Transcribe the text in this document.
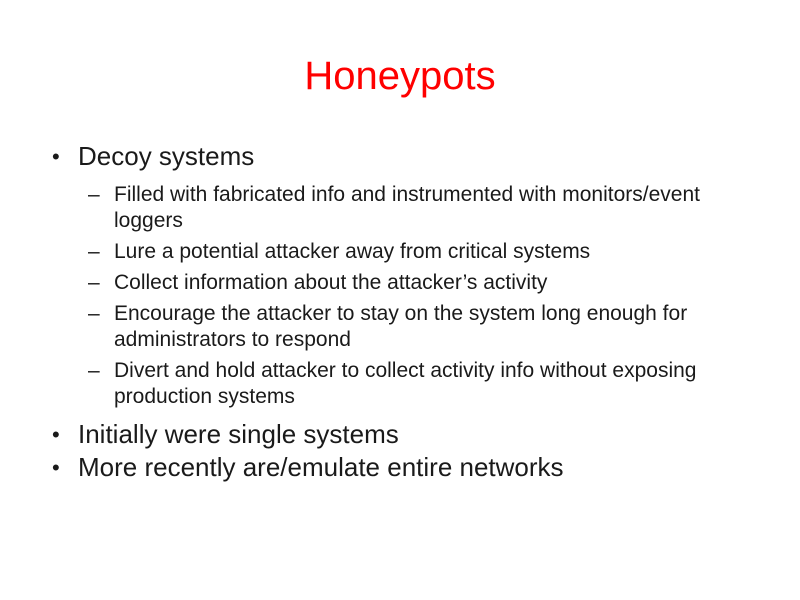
Honeypots
• Decoy systems
– Filled with fabricated info and instrumented with monitors/event loggers
– Lure a potential attacker away from critical systems
– Collect information about the attacker’s activity
– Encourage the attacker to stay on the system long enough for administrators to respond
– Divert and hold attacker to collect activity info without exposing production systems
• Initially were single systems
• More recently are/emulate entire networks
